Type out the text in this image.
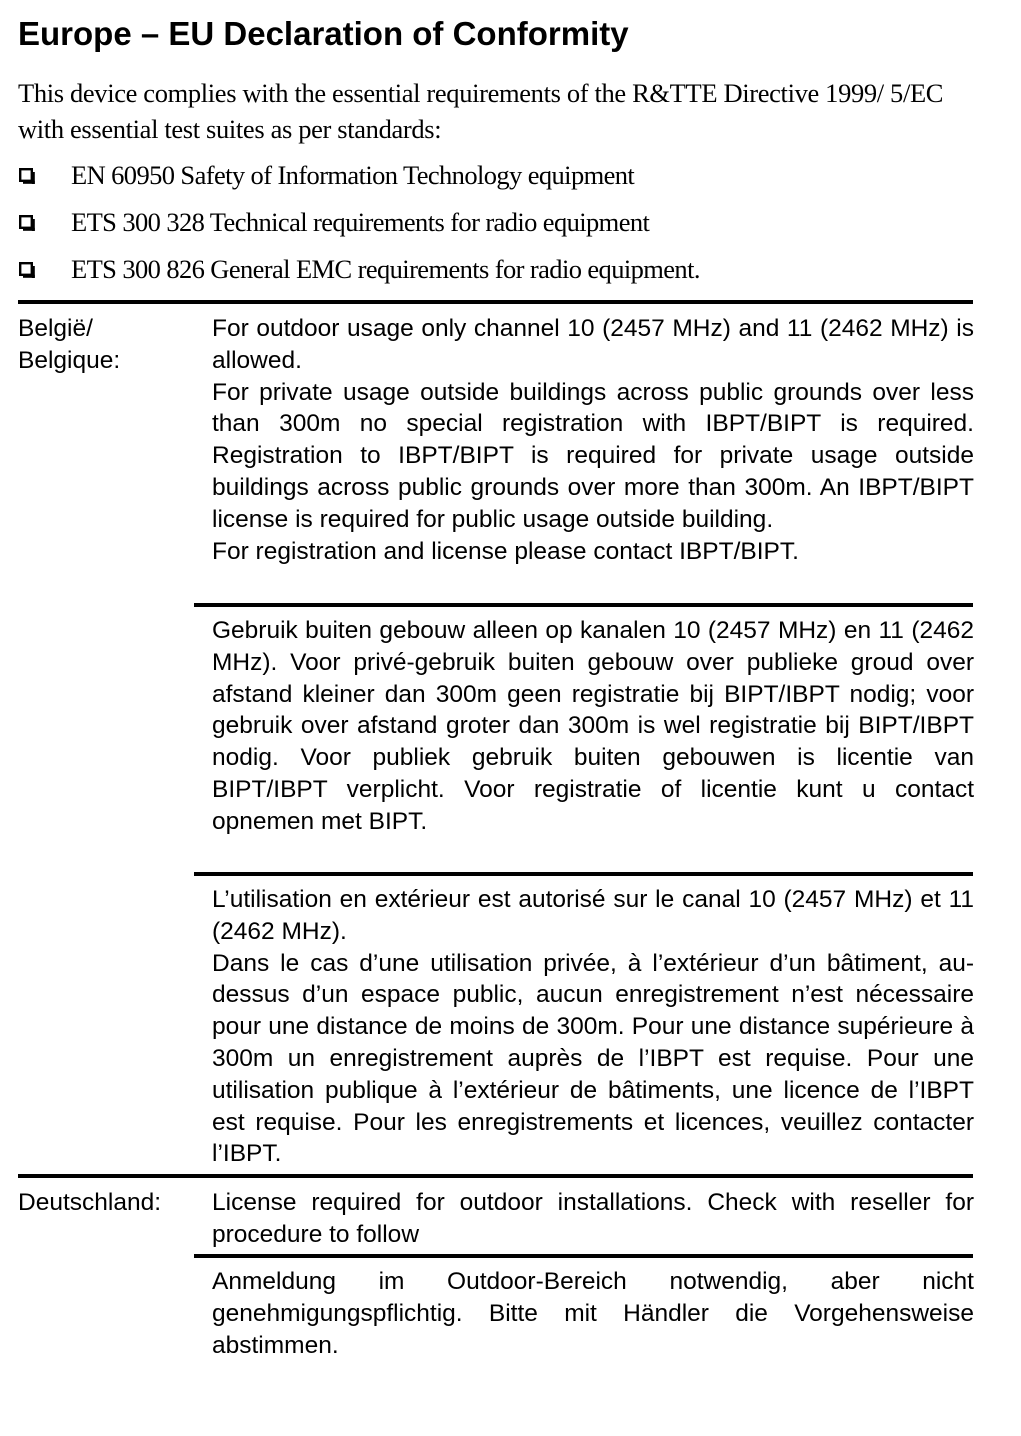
Europe – EU Declaration of Conformity
This device complies with the essential requirements of the R&TTE Directive 1999/ 5/EC with essential test suites as per standards:
EN 60950 Safety of Information Technology equipment
ETS 300 328 Technical requirements for radio equipment
ETS 300 826 General EMC requirements for radio equipment.
België/
Belgique:
For outdoor usage only channel 10 (2457 MHz) and 11 (2462 MHz) is allowed.
For private usage outside buildings across public grounds over less than 300m no special registration with IBPT/BIPT is required. Registration to IBPT/BIPT is required for private usage outside buildings across public grounds over more than 300m. An IBPT/BIPT license is required for public usage outside building.
For registration and license please contact IBPT/BIPT.
Gebruik buiten gebouw alleen op kanalen 10 (2457 MHz) en 11 (2462 MHz). Voor privé-gebruik buiten gebouw over publieke groud over afstand kleiner dan 300m geen registratie bij BIPT/IBPT nodig; voor gebruik over afstand groter dan 300m is wel registratie bij BIPT/IBPT nodig. Voor publiek gebruik buiten gebouwen is licentie van BIPT/IBPT verplicht. Voor registratie of licentie kunt u contact opnemen met BIPT.
L’utilisation en extérieur est autorisé sur le canal 10 (2457 MHz) et 11 (2462 MHz).
Dans le cas d’une utilisation privée, à l’extérieur d’un bâtiment, au-dessus d’un espace public, aucun enregistrement n’est nécessaire pour une distance de moins de 300m. Pour une distance supérieure à 300m un enregistrement auprès de l’IBPT est requise. Pour une utilisation publique à l’extérieur de bâtiments, une licence de l’IBPT est requise. Pour les enregistrements et licences, veuillez contacter l’IBPT.
Deutschland: License required for outdoor installations. Check with reseller for procedure to follow
Anmeldung im Outdoor-Bereich notwendig, aber nicht genehmigungspflichtig. Bitte mit Händler die Vorgehensweise abstimmen.
